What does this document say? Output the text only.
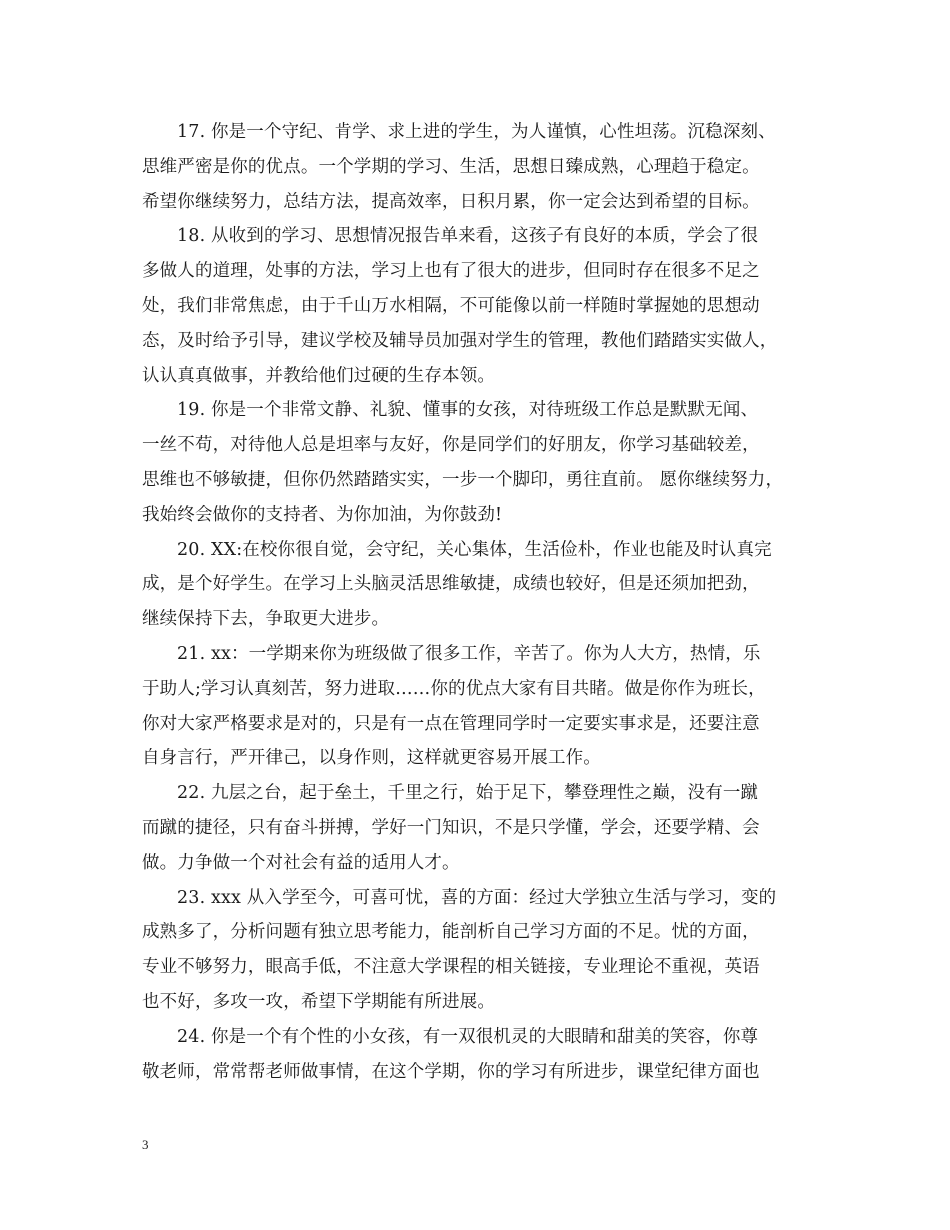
17. 你是一个守纪、肯学、求上进的学生，为人谨慎，心性坦荡。沉稳深刻、
思维严密是你的优点。一个学期的学习、生活，思想日臻成熟，心理趋于稳定。
希望你继续努力，总结方法，提高效率，日积月累，你一定会达到希望的目标。
18. 从收到的学习、思想情况报告单来看，这孩子有良好的本质，学会了很
多做人的道理，处事的方法，学习上也有了很大的进步，但同时存在很多不足之
处，我们非常焦虑，由于千山万水相隔，不可能像以前一样随时掌握她的思想动
态，及时给予引导，建议学校及辅导员加强对学生的管理，教他们踏踏实实做人，
认认真真做事，并教给他们过硬的生存本领。
19. 你是一个非常文静、礼貌、懂事的女孩，对待班级工作总是默默无闻、
一丝不苟，对待他人总是坦率与友好，你是同学们的好朋友，你学习基础较差，
思维也不够敏捷，但你仍然踏踏实实，一步一个脚印，勇往直前。 愿你继续努力，
我始终会做你的支持者、为你加油，为你鼓劲!
20. XX:在校你很自觉，会守纪，关心集体，生活俭朴，作业也能及时认真完
成，是个好学生。在学习上头脑灵活思维敏捷，成绩也较好，但是还须加把劲，
继续保持下去，争取更大进步。
21. xx：一学期来你为班级做了很多工作，辛苦了。你为人大方，热情，乐
于助人;学习认真刻苦，努力进取……你的优点大家有目共睹。做是你作为班长，
你对大家严格要求是对的，只是有一点在管理同学时一定要实事求是，还要注意
自身言行，严开律己，以身作则，这样就更容易开展工作。
22. 九层之台，起于垒土，千里之行，始于足下，攀登理性之巅，没有一蹴
而蹴的捷径，只有奋斗拼搏，学好一门知识，不是只学懂，学会，还要学精、会
做。力争做一个对社会有益的适用人才。
23. xxx 从入学至今，可喜可忧，喜的方面：经过大学独立生活与学习，变的
成熟多了，分析问题有独立思考能力，能剖析自己学习方面的不足。忧的方面，
专业不够努力，眼高手低，不注意大学课程的相关链接，专业理论不重视，英语
也不好，多攻一攻，希望下学期能有所进展。
24. 你是一个有个性的小女孩，有一双很机灵的大眼睛和甜美的笑容，你尊
敬老师，常常帮老师做事情，在这个学期，你的学习有所进步，课堂纪律方面也
3
